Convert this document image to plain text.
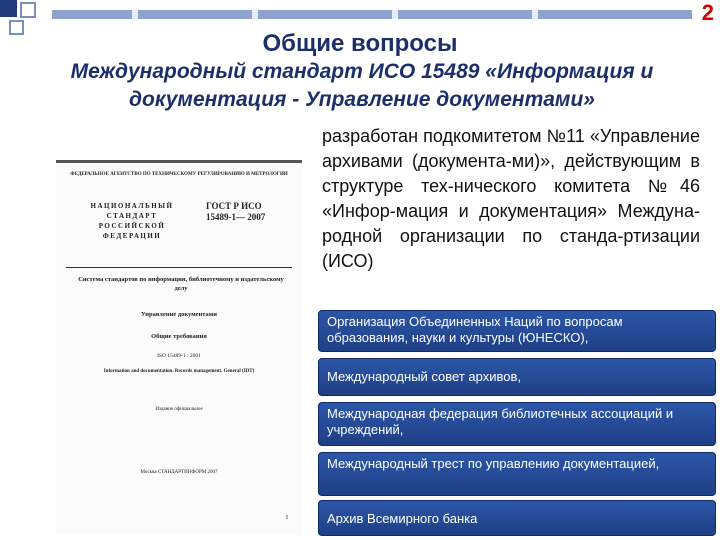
2
Общие вопросы
Международный стандарт ИСО 15489 «Информация и документация - Управление документами»
ФЕДЕРАЛЬНОЕ АГЕНТСТВО ПО ТЕХНИЧЕСКОМУ РЕГУЛИРОВАНИЮ И МЕТРОЛОГИИ
НАЦИОНАЛЬНЫЙ СТАНДАРТ РОССИЙСКОЙ ФЕДЕРАЦИИ
ГОСТ Р ИСО
15489-1— 2007
Система стандартов по информации, библиотечному и издательскому делу
Управление документами
Общие требования
ISO 15489-1 : 2001
Information and documentation. Records management. General (IDT)
Издание официальное
Москва СТАНДАРТИНФОРМ 2007
I
разработан подкомитетом №11 «Управление архивами (документа-ми)», действующим в структуре тех-нического комитета №46 «Инфор-мация и документация» Междуна-родной организации по станда-ртизации (ИСО)
Организация Объединенных Наций по вопросам образования, науки и культуры (ЮНЕСКО),
Международный совет архивов,
Международная федерация библиотечных ассоциаций и учреждений,
Международный трест по управлению документацией,
Архив Всемирного банка
